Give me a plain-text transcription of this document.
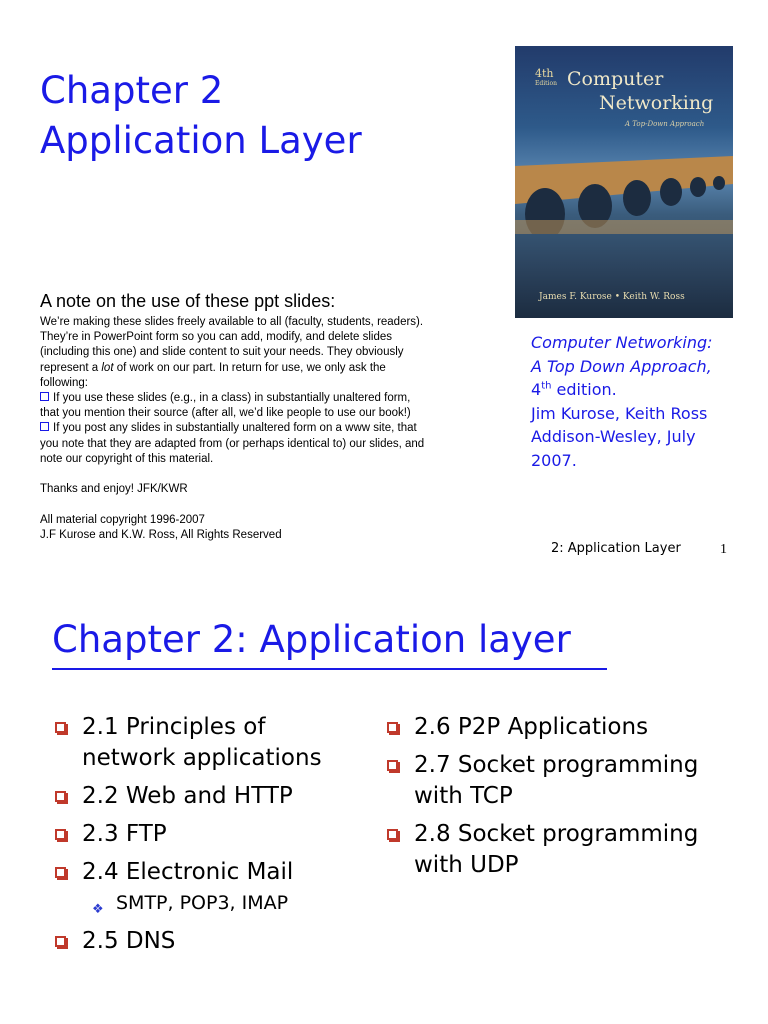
Chapter 2
Application Layer
4th
Edition Computer
Networking
A Top-Down Approach
James F. Kurose • Keith W. Ross
Computer Networking:
A Top Down Approach,
4th edition.
Jim Kurose, Keith Ross
Addison-Wesley, July
2007.
A note on the use of these ppt slides:
We’re making these slides freely available to all (faculty, students, readers).
They’re in PowerPoint form so you can add, modify, and delete slides
(including this one) and slide content to suit your needs. They obviously
represent a lot of work on our part. In return for use, we only ask the
following:
If you use these slides (e.g., in a class) in substantially unaltered form,
that you mention their source (after all, we’d like people to use our book!)
If you post any slides in substantially unaltered form on a www site, that
you note that they are adapted from (or perhaps identical to) our slides, and
note our copyright of this material.
Thanks and enjoy! JFK/KWR
All material copyright 1996-2007
J.F Kurose and K.W. Ross, All Rights Reserved
2: Application Layer	1
Chapter 2: Application layer
2.1 Principles of
network applications
2.2 Web and HTTP
2.3 FTP
2.4 Electronic Mail
❖ SMTP, POP3, IMAP
2.5 DNS
2.6 P2P Applications
2.7 Socket programming
with TCP
2.8 Socket programming
with UDP
